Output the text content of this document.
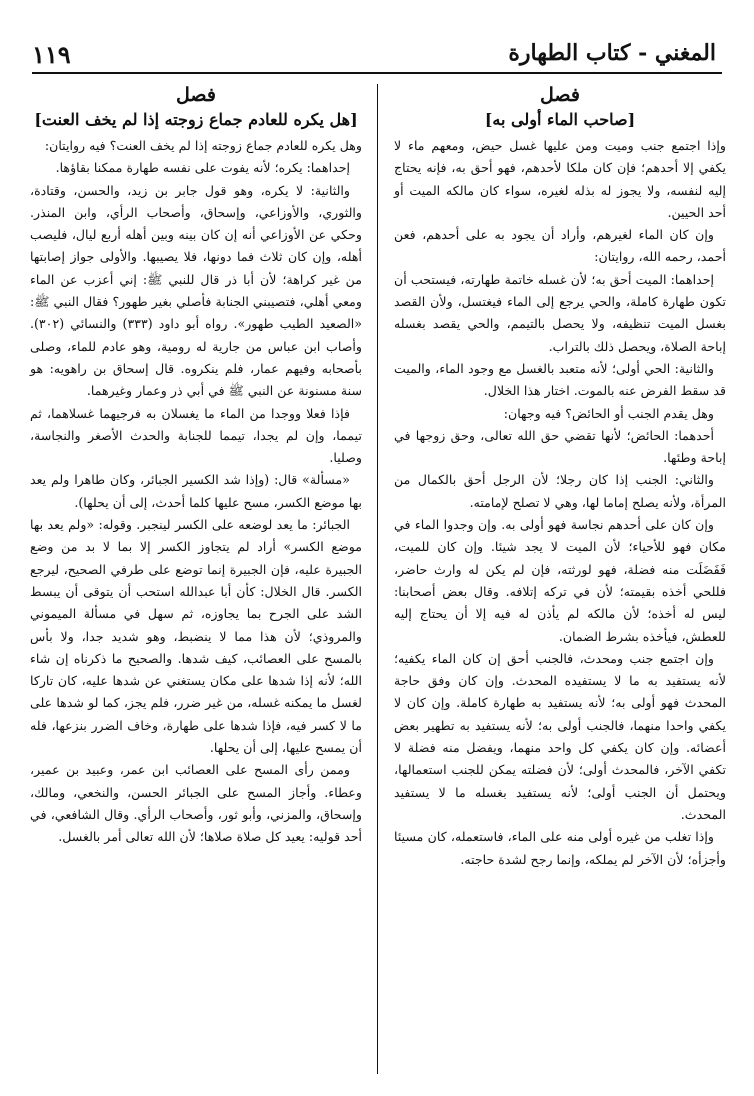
١١٩	المغني - كتاب الطهارة
فصل
[صاحب الماء أولى به]

وإذا اجتمع جنب وميت ومن عليها غسل حيض، ومعهم ماء لا يكفي إلا أحدهم؛ فإن كان ملكا لأحدهم، فهو أحق به، فإنه يحتاج إليه لنفسه، ولا يجوز له بذله لغيره، سواء كان مالكه الميت أو أحد الحيين.

وإن كان الماء لغيرهم، وأراد أن يجود به على أحدهم، فعن أحمد، رحمه الله، روايتان:

إحداهما: الميت أحق به؛ لأن غسله خاتمة طهارته، فيستحب أن تكون طهارة كاملة، والحي يرجع إلى الماء فيغتسل، ولأن القصد بغسل الميت تنظيفه، ولا يحصل بالتيمم، والحي يقصد بغسله إباحة الصلاة، ويحصل ذلك بالتراب.

والثانية: الحي أولى؛ لأنه متعبد بالغسل مع وجود الماء، والميت قد سقط الفرض عنه بالموت. اختار هذا الخلال.

وهل يقدم الجنب أو الحائض؟ فيه وجهان:

أحدهما: الحائض؛ لأنها تقضي حق الله تعالى، وحق زوجها في إباحة وطئها.

والثاني: الجنب إذا كان رجلا؛ لأن الرجل أحق بالكمال من المرأة، ولأنه يصلح إماما لها، وهي لا تصلح لإمامته.

وإن كان على أحدهم نجاسة فهو أولى به. وإن وجدوا الماء في مكان فهو للأحياء؛ لأن الميت لا يجد شيئا. وإن كان للميت، فَفَضَلَت منه فضلة، فهو لورثته، فإن لم يكن له وارث حاضر، فللحي أخذه بقيمته؛ لأن في تركه إتلافه. وقال بعض أصحابنا: ليس له أخذه؛ لأن مالكه لم يأذن له فيه إلا أن يحتاج إليه للعطش، فيأخذه بشرط الضمان.

وإن اجتمع جنب ومحدث، فالجنب أحق إن كان الماء يكفيه؛ لأنه يستفيد به ما لا يستفيده المحدث. وإن كان وفق حاجة المحدث فهو أولى به؛ لأنه يستفيد به طهارة كاملة. وإن كان لا يكفي واحدا منهما، فالجنب أولى به؛ لأنه يستفيد به تطهير بعض أعضائه. وإن كان يكفي كل واحد منهما، ويفضل منه فضلة لا تكفي الآخر، فالمحدث أولى؛ لأن فضلته يمكن للجنب استعمالها، ويحتمل أن الجنب أولى؛ لأنه يستفيد بغسله ما لا يستفيد المحدث.

وإذا تغلب من غيره أولى منه على الماء، فاستعمله، كان مسيئا وأجزأه؛ لأن الآخر لم يملكه، وإنما رجح لشدة حاجته.

فصل
[هل يكره للعادم جماع زوجته إذا لم يخف العنت]

وهل يكره للعادم جماع زوجته إذا لم يخف العنت؟ فيه روايتان:

إحداهما: يكره؛ لأنه يفوت على نفسه طهارة ممكنا بقاؤها.

والثانية: لا يكره، وهو قول جابر بن زيد، والحسن، وقتادة، والثوري، والأوزاعي، وإسحاق، وأصحاب الرأي، وابن المنذر. وحكي عن الأوزاعي أنه إن كان بينه وبين أهله أربع ليال، فليصب أهله، وإن كان ثلاث فما دونها، فلا يصيبها. والأولى جواز إصابتها من غير كراهة؛ لأن أبا ذر قال للنبي ﷺ: إني أعزب عن الماء ومعي أهلي، فتصيبني الجنابة فأصلي بغير طهور؟ فقال النبي ﷺ: «الصعيد الطيب طهور». رواه أبو داود (٣٣٣) والنسائي (٣٠٢). وأصاب ابن عباس من جارية له رومية، وهو عادم للماء، وصلى بأصحابه وفيهم عمار، فلم ينكروه. قال إسحاق بن راهويه: هو سنة مسنونة عن النبي ﷺ في أبي ذر وعمار وغيرهما.

فإذا فعلا ووجدا من الماء ما يغسلان به فرجيهما غسلاهما، ثم تيمما، وإن لم يجدا، تيمما للجنابة والحدث الأصغر والنجاسة، وصليا.

«مسألة» قال: (وإذا شد الكسير الجبائر، وكان طاهرا ولم يعد بها موضع الكسر، مسح عليها كلما أحدث، إلى أن يحلها).

الجبائر: ما يعد لوضعه على الكسر لينجبر. وقوله: «ولم يعد بها موضع الكسر» أراد لم يتجاوز الكسر إلا بما لا بد من وضع الجبيرة عليه، فإن الجبيرة إنما توضع على طرفي الصحيح، ليرجع الكسر. قال الخلال: كأن أبا عبدالله استحب أن يتوقى أن يبسط الشد على الجرح بما يجاوزه، ثم سهل في مسألة الميموني والمروذي؛ لأن هذا مما لا ينضبط، وهو شديد جدا، ولا بأس بالمسح على العصائب، كيف شدها. والصحيح ما ذكرناه إن شاء الله؛ لأنه إذا شدها على مكان يستغني عن شدها عليه، كان تاركا لغسل ما يمكنه غسله، من غير ضرر، فلم يجز، كما لو شدها على ما لا كسر فيه، فإذا شدها على طهارة، وخاف الضرر بنزعها، فله أن يمسح عليها، إلى أن يحلها.

وممن رأى المسح على العصائب ابن عمر، وعبيد بن عمير، وعطاء. وأجاز المسح على الجبائر الحسن، والنخعي، ومالك، وإسحاق، والمزني، وأبو ثور، وأصحاب الرأي. وقال الشافعي، في أحد قوليه: يعيد كل صلاة صلاها؛ لأن الله تعالى أمر بالغسل.
